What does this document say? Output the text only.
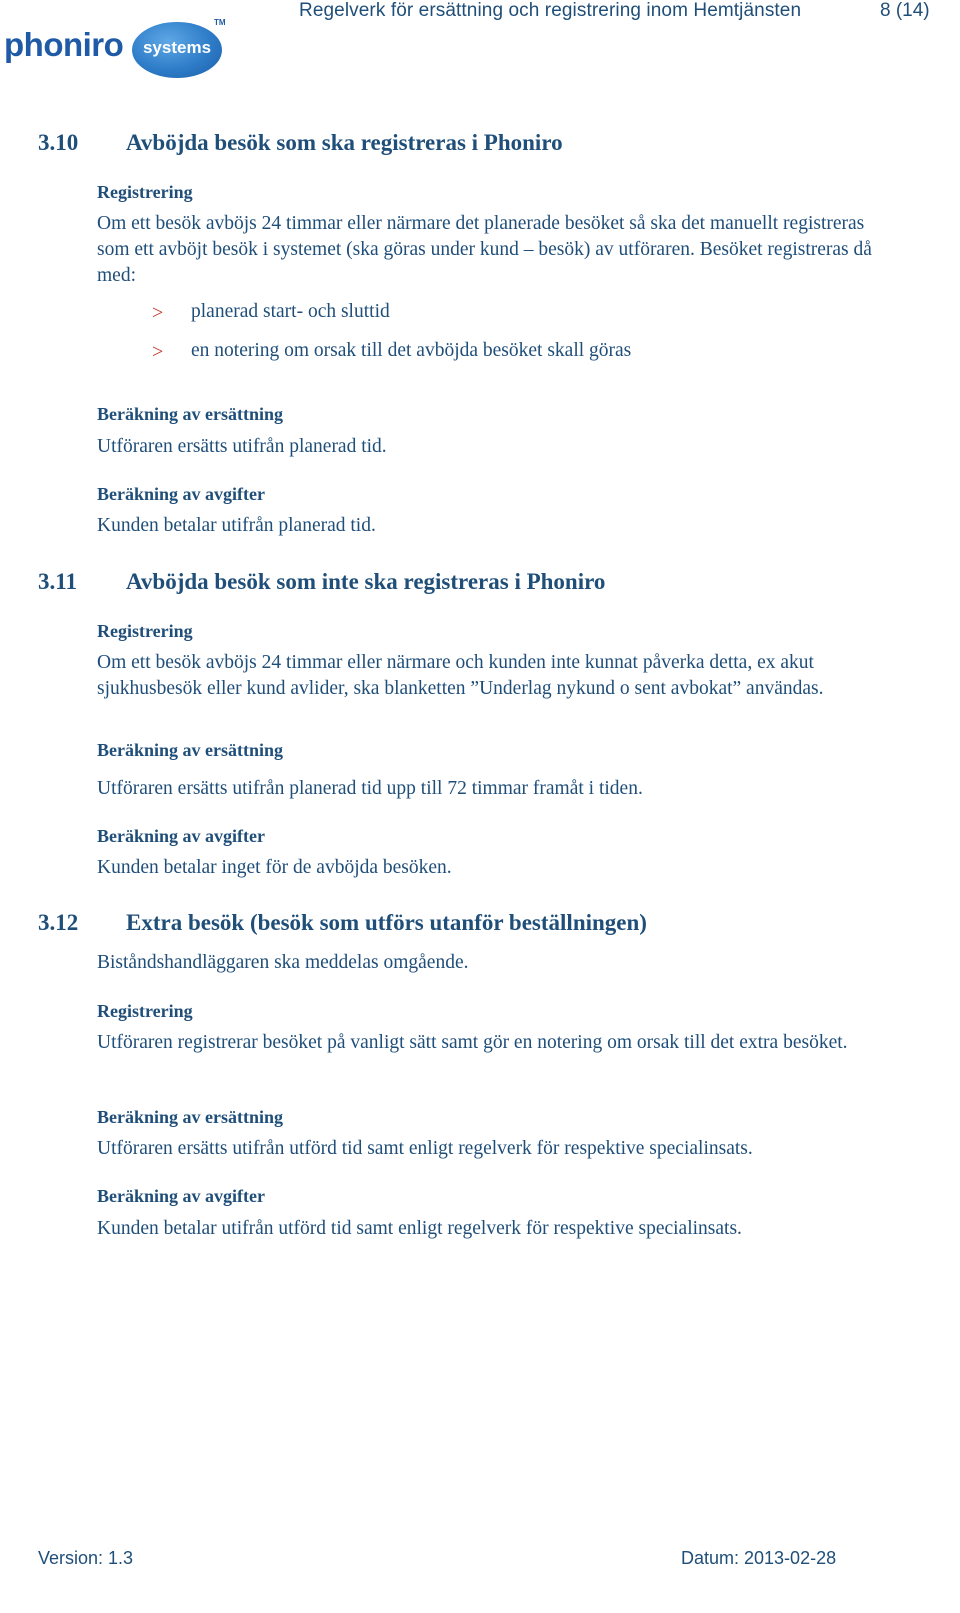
Regelverk för ersättning och registrering inom Hemtjänsten	8 (14)
phoniro	systems
TM
3.10 Avböjda besök som ska registreras i Phoniro
Registrering
Om ett besök avböjs 24 timmar eller närmare det planerade besöket så ska det manuellt registreras som ett avböjt besök i systemet (ska göras under kund – besök) av utföraren. Besöket registreras då med:
> planerad start- och sluttid
> en notering om orsak till det avböjda besöket skall göras
Beräkning av ersättning
Utföraren ersätts utifrån planerad tid.
Beräkning av avgifter
Kunden betalar utifrån planerad tid.
3.11 Avböjda besök som inte ska registreras i Phoniro
Registrering
Om ett besök avböjs 24 timmar eller närmare och kunden inte kunnat påverka detta, ex akut sjukhusbesök eller kund avlider, ska blanketten ”Underlag nykund o sent avbokat” användas.
Beräkning av ersättning
Utföraren ersätts utifrån planerad tid upp till 72 timmar framåt i tiden.
Beräkning av avgifter
Kunden betalar inget för de avböjda besöken.
3.12 Extra besök (besök som utförs utanför beställningen)
Biståndshandläggaren ska meddelas omgående.
Registrering
Utföraren registrerar besöket på vanligt sätt samt gör en notering om orsak till det extra besöket.
Beräkning av ersättning
Utföraren ersätts utifrån utförd tid samt enligt regelverk för respektive specialinsats.
Beräkning av avgifter
Kunden betalar utifrån utförd tid samt enligt regelverk för respektive specialinsats.
Version: 1.3	Datum: 2013-02-28
